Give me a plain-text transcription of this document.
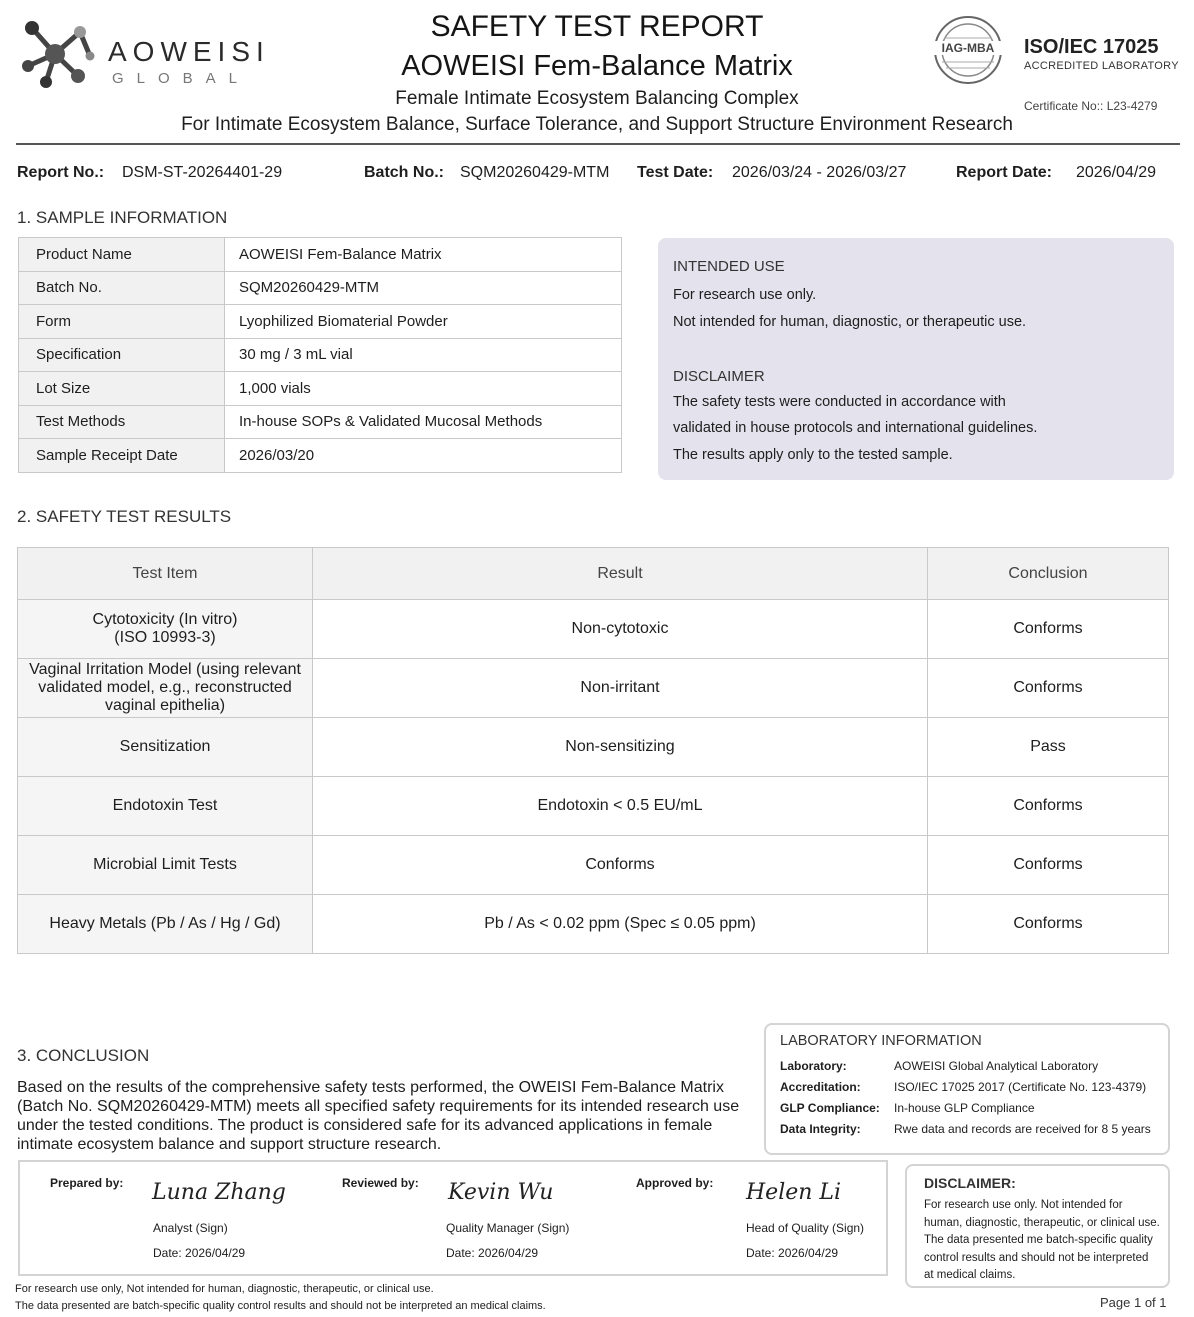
AOWEISI
GLOBAL
SAFETY TEST REPORT
AOWEISI Fem-Balance Matrix
Female Intimate Ecosystem Balancing Complex
For Intimate Ecosystem Balance, Surface Tolerance, and Support Structure Environment Research
IAG-MBA	ISO/IEC 17025
ACCREDITED LABORATORY
Certificate No:: L23-4279
Report No.: DSM-ST-20264401-29	Batch No.: SQM20260429-MTM Test Date: 2026/03/24 - 2026/03/27	Report Date: 2026/04/29
1. SAMPLE INFORMATION
Product Name	AOWEISI Fem-Balance Matrix
Batch No.	SQM20260429-MTM
Form	Lyophilized Biomaterial Powder
Specification	30 mg / 3 mL vial
Lot Size	1,000 vials
Test Methods	In-house SOPs & Validated Mucosal Methods
Sample Receipt Date	2026/03/20
INTENDED USE
For research use only.
Not intended for human, diagnostic, or therapeutic use.
DISCLAIMER
The safety tests were conducted in accordance with
validated in house protocols and international guidelines.
The results apply only to the tested sample.
2. SAFETY TEST RESULTS
Test Item	Result	Conclusion
Cytotoxicity (In vitro)
(ISO 10993-3)	Non-cytotoxic	Conforms
Vaginal Irritation Model (using relevant
validated model, e.g., reconstructed
vaginal epithelia)	Non-irritant	Conforms
Sensitization	Non-sensitizing	Pass
Endotoxin Test	Endotoxin < 0.5 EU/mL	Conforms
Microbial Limit Tests	Conforms	Conforms
Heavy Metals (Pb / As / Hg / Gd)	Pb / As < 0.02 ppm (Spec ≤ 0.05 ppm)	Conforms
3. CONCLUSION
Based on the results of the comprehensive safety tests performed, the OWEISI Fem-Balance Matrix (Batch No. SQM20260429-MTM) meets all specified safety requirements for its intended research use under the tested conditions. The product is considered safe for its advanced applications in female intimate ecosystem balance and support structure research.
LABORATORY INFORMATION
Laboratory:	AOWEISI Global Analytical Laboratory
Accreditation:	ISO/IEC 17025 2017 (Certificate No. 123-4379)
GLP Compliance: In-house GLP Compliance
Data Integrity:	Rwe data and records are received for 8 5 years
Prepared by: Luna Zhang
Analyst (Sign)
Date: 2026/04/29
Reviewed by: Kevin Wu
Quality Manager (Sign)
Date: 2026/04/29
Approved by: Helen Li
Head of Quality (Sign)
Date: 2026/04/29
DISCLAIMER:
For research use only. Not intended for human, diagnostic, therapeutic, or clinical use. The data presented me batch-specific quality control results and should not be interpreted at medical claims.
For research use only, Not intended for human, diagnostic, therapeutic, or clinical use.
The data presented are batch-specific quality control results and should not be interpreted an medical claims.	Page 1 of 1
